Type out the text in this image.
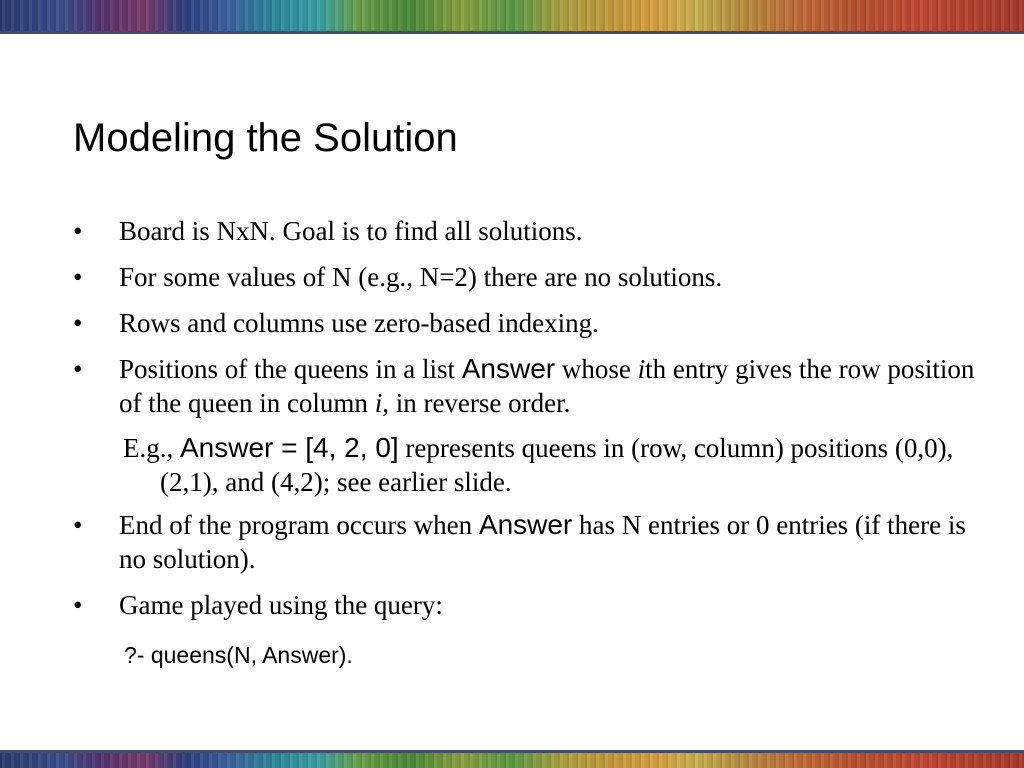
Modeling the Solution
• Board is NxN. Goal is to find all solutions.
• For some values of N (e.g., N=2) there are no solutions.
• Rows and columns use zero-based indexing.
• Positions of the queens in a list Answer whose ith entry gives the row position of the queen in column i, in reverse order.
E.g., Answer = [4, 2, 0] represents queens in (row, column) positions (0,0), (2,1), and (4,2); see earlier slide.
• End of the program occurs when Answer has N entries or 0 entries (if there is no solution).
• Game played using the query:
?- queens(N, Answer).
